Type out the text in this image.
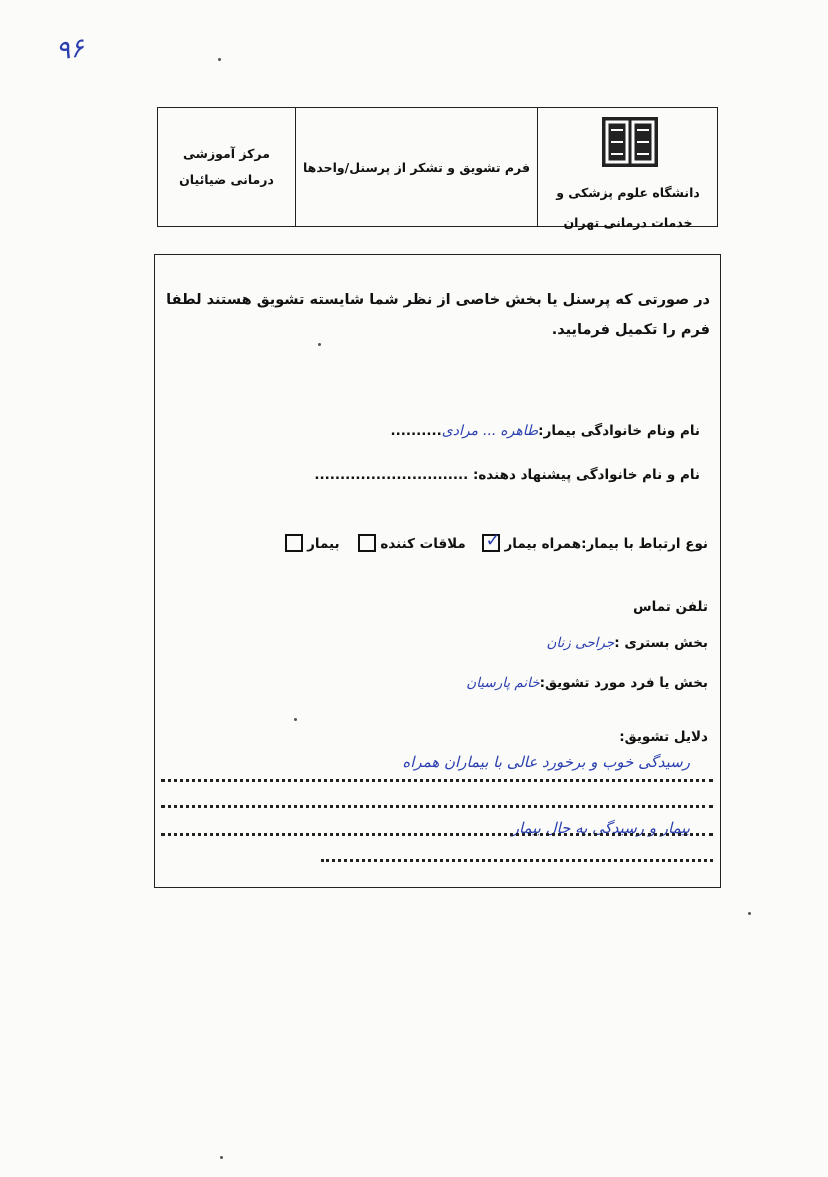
۹۶
مرکز آموزشی درمانی ضیائیان
فرم تشویق و تشکر از پرسنل/واحدها
دانشگاه علوم پزشکی و
خدمات درمانی تهران
در صورتی که پرسنل یا بخش خاصی از نظر شما شایسته تشویق هستند لطفا فرم را تکمیل فرمایید.
نام ونام خانوادگی بیمار:طاهره ... مرادی..........
نام و نام خانوادگی پیشنهاد دهنده: ..............................
نوع ارتباط با بیمار:همراه بیمار✓ ملاقات کننده بیمار
تلفن تماس
بخش بستری :جراحی زنان
بخش یا فرد مورد تشویق:خانم پارسیان
دلایل تشویق:
رسیدگی خوب و برخورد عالی با بیماران همراه
بیمار و رسیدگی به حال بیمار
